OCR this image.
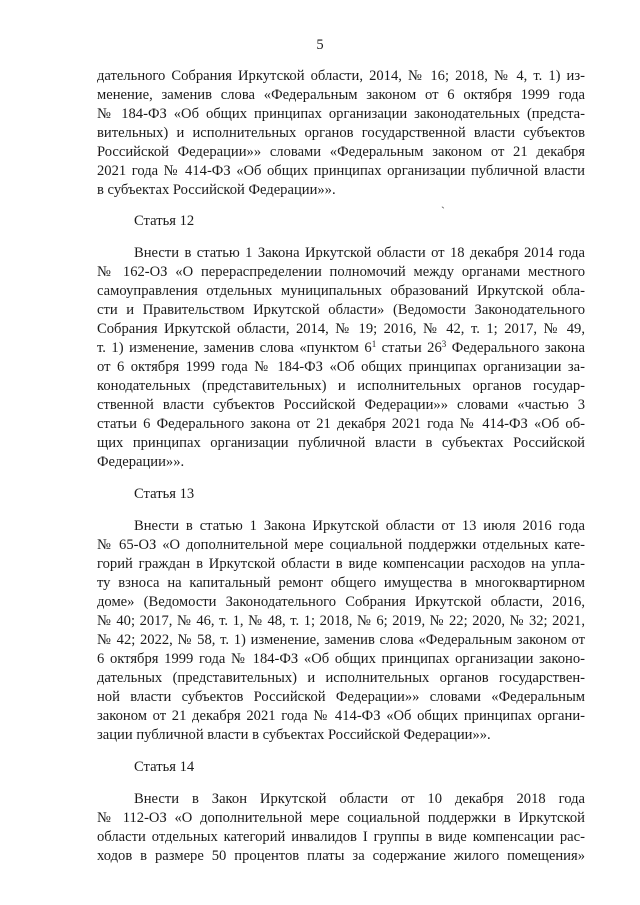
5
дательного Собрания Иркутской области, 2014, № 16; 2018, № 4, т. 1) из-
менение, заменив слова «Федеральным законом от 6 октября 1999 года
№ 184-ФЗ «Об общих принципах организации законодательных (предста-
вительных) и исполнительных органов государственной власти субъектов
Российской Федерации»» словами «Федеральным законом от 21 декабря
2021 года № 414-ФЗ «Об общих принципах организации публичной власти
в субъектах Российской Федерации»».
ˏ
Статья 12
Внести в статью 1 Закона Иркутской области от 18 декабря 2014 года
№ 162-ОЗ «О перераспределении полномочий между органами местного
самоуправления отдельных муниципальных образований Иркутской обла-
сти и Правительством Иркутской области» (Ведомости Законодательного
Собрания Иркутской области, 2014, № 19; 2016, № 42, т. 1; 2017, № 49,
т. 1) изменение, заменив слова «пунктом $6^1$ статьи $26^3$ Федерального закона
от 6 октября 1999 года № 184-ФЗ «Об общих принципах организации за-
конодательных (представительных) и исполнительных органов государ-
ственной власти субъектов Российской Федерации»» словами «частью 3
статьи 6 Федерального закона от 21 декабря 2021 года № 414-ФЗ «Об об-
щих принципах организации публичной власти в субъектах Российской
Федерации»».
Статья 13
Внести в статью 1 Закона Иркутской области от 13 июля 2016 года
№ 65-ОЗ «О дополнительной мере социальной поддержки отдельных кате-
горий граждан в Иркутской области в виде компенсации расходов на упла-
ту взноса на капитальный ремонт общего имущества в многоквартирном
доме» (Ведомости Законодательного Собрания Иркутской области, 2016,
№ 40; 2017, № 46, т. 1, № 48, т. 1; 2018, № 6; 2019, № 22; 2020, № 32; 2021,
№ 42; 2022, № 58, т. 1) изменение, заменив слова «Федеральным законом от
6 октября 1999 года № 184-ФЗ «Об общих принципах организации законо-
дательных (представительных) и исполнительных органов государствен-
ной власти субъектов Российской Федерации»» словами «Федеральным
законом от 21 декабря 2021 года № 414-ФЗ «Об общих принципах органи-
зации публичной власти в субъектах Российской Федерации»».
Статья 14
Внести в Закон Иркутской области от 10 декабря 2018 года
№ 112-ОЗ «О дополнительной мере социальной поддержки в Иркутской
области отдельных категорий инвалидов I группы в виде компенсации рас-
ходов в размере 50 процентов платы за содержание жилого помещения»
